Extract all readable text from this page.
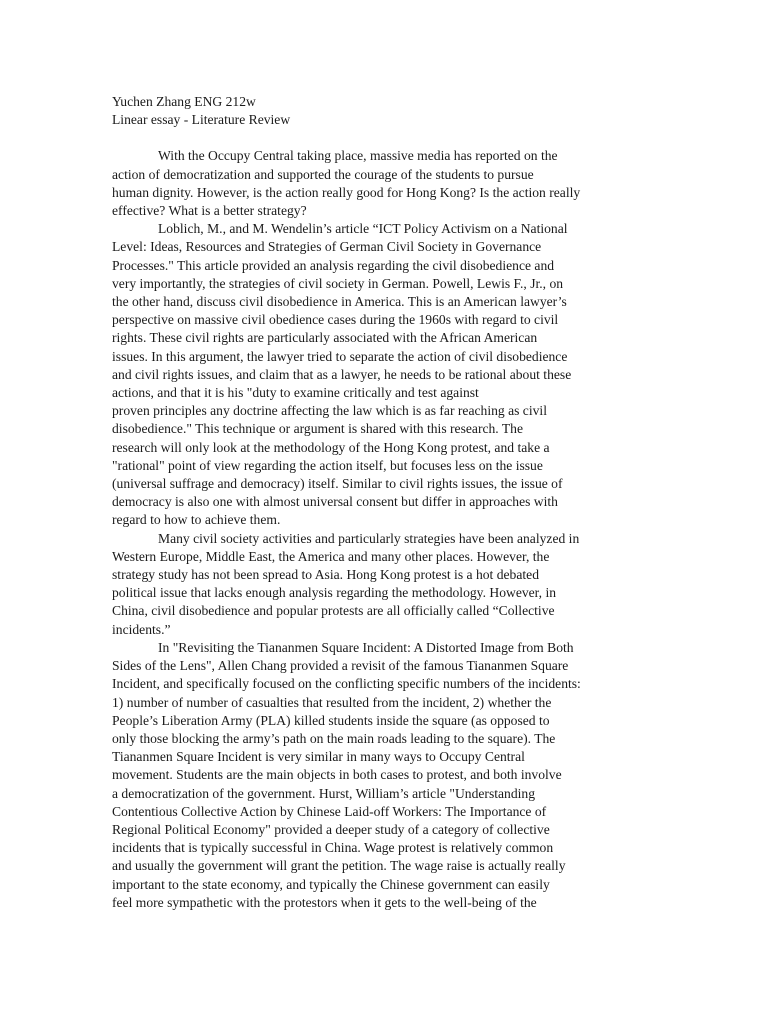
Yuchen Zhang ENG 212w
Linear essay - Literature Review
With the Occupy Central taking place, massive media has reported on the
action of democratization and supported the courage of the students to pursue
human dignity. However, is the action really good for Hong Kong? Is the action really
effective? What is a better strategy?
Loblich, M., and M. Wendelin’s article “ICT Policy Activism on a National
Level: Ideas, Resources and Strategies of German Civil Society in Governance
Processes." This article provided an analysis regarding the civil disobedience and
very importantly, the strategies of civil society in German. Powell, Lewis F., Jr., on
the other hand, discuss civil disobedience in America. This is an American lawyer’s
perspective on massive civil obedience cases during the 1960s with regard to civil
rights. These civil rights are particularly associated with the African American
issues. In this argument, the lawyer tried to separate the action of civil disobedience
and civil rights issues, and claim that as a lawyer, he needs to be rational about these
actions, and that it is his "duty to examine critically and test against
proven principles any doctrine affecting the law which is as far reaching as civil
disobedience." This technique or argument is shared with this research. The
research will only look at the methodology of the Hong Kong protest, and take a
"rational" point of view regarding the action itself, but focuses less on the issue
(universal suffrage and democracy) itself. Similar to civil rights issues, the issue of
democracy is also one with almost universal consent but differ in approaches with
regard to how to achieve them.
Many civil society activities and particularly strategies have been analyzed in
Western Europe, Middle East, the America and many other places. However, the
strategy study has not been spread to Asia. Hong Kong protest is a hot debated
political issue that lacks enough analysis regarding the methodology. However, in
China, civil disobedience and popular protests are all officially called “Collective
incidents.”
In "Revisiting the Tiananmen Square Incident: A Distorted Image from Both
Sides of the Lens", Allen Chang provided a revisit of the famous Tiananmen Square
Incident, and specifically focused on the conflicting specific numbers of the incidents:
1) number of number of casualties that resulted from the incident, 2) whether the
People’s Liberation Army (PLA) killed students inside the square (as opposed to
only those blocking the army’s path on the main roads leading to the square). The
Tiananmen Square Incident is very similar in many ways to Occupy Central
movement. Students are the main objects in both cases to protest, and both involve
a democratization of the government. Hurst, William’s article "Understanding
Contentious Collective Action by Chinese Laid-off Workers: The Importance of
Regional Political Economy" provided a deeper study of a category of collective
incidents that is typically successful in China. Wage protest is relatively common
and usually the government will grant the petition. The wage raise is actually really
important to the state economy, and typically the Chinese government can easily
feel more sympathetic with the protestors when it gets to the well-being of the
